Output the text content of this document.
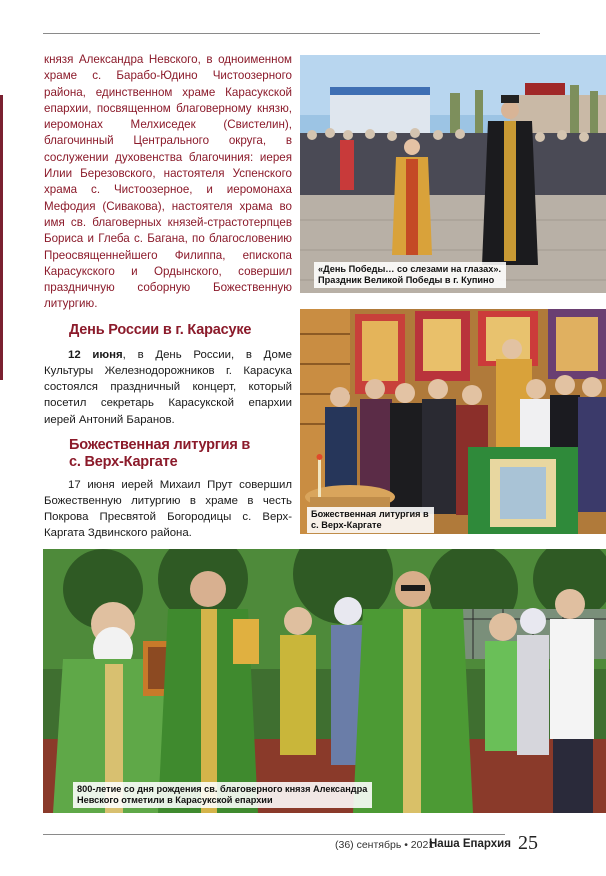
князя Александра Невского, в одноименном храме с. Барабо-Юдино Чистоозерного района, единственном храме Карасукской епархии, посвященном благоверному князю, иеромонах Мелхиседек (Свистелин), благочинный Центрального округа, в сослужении духовенства благочиния: иерея Илии Березовского, настоятеля Успенского храма с. Чистоозерное, и иеромонаха Мефодия (Сивакова), настоятеля храма во имя св. благоверных князей-страстотерпцев Бориса и Глеба с. Багана, по благословению Преосвященнейшего Филиппа, епископа Карасукского и Ордынского, совершил праздничную соборную Божественную литургию.

День России в г. Карасуке

12 июня, в День России, в Доме Культуры Железнодорожников г. Карасука состоялся праздничный концерт, который посетил секретарь Карасукской епархии иерей Антоний Баранов.

Божественная литургия в

с. Верх-Каргате

17 июня иерей Михаил Прут совершил Божественную литургию в храме в честь Покрова Пресвятой Богородицы с. Верх-Каргата Здвинского района.

«День Победы… со слезами на глазах».
Праздник Великой Победы в г. Купино
Божественная литургия в
с. Верх-Каргате
800-летие со дня рождения св. благоверного князя Александра
Невского отметили в Карасукской епархии
(36) сентябрь • 2021
Наша Епархия 25
